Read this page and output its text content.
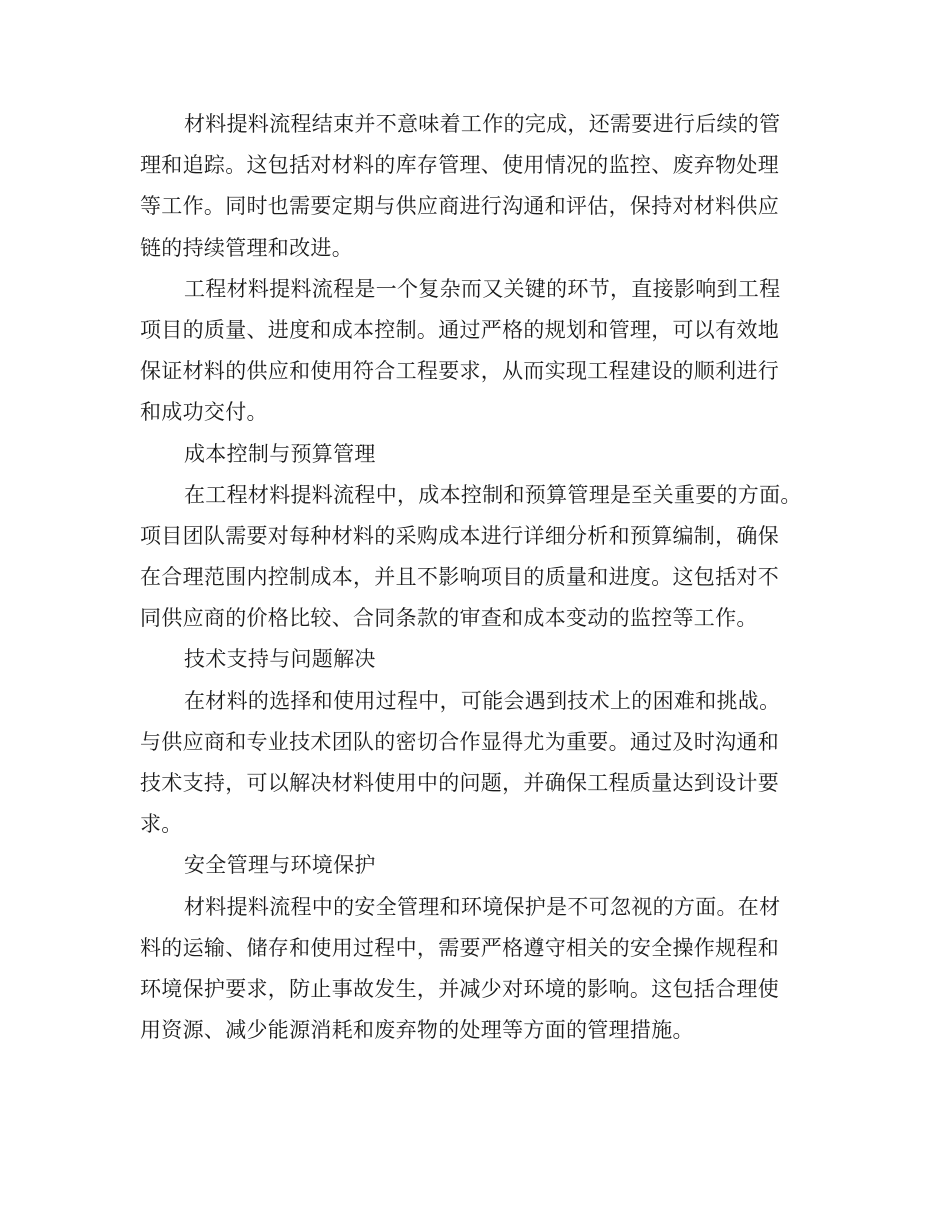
材料提料流程结束并不意味着工作的完成，还需要进行后续的管
理和追踪。这包括对材料的库存管理、使用情况的监控、废弃物处理
等工作。同时也需要定期与供应商进行沟通和评估，保持对材料供应
链的持续管理和改进。
工程材料提料流程是一个复杂而又关键的环节，直接影响到工程
项目的质量、进度和成本控制。通过严格的规划和管理，可以有效地
保证材料的供应和使用符合工程要求，从而实现工程建设的顺利进行
和成功交付。
成本控制与预算管理
在工程材料提料流程中，成本控制和预算管理是至关重要的方面。
项目团队需要对每种材料的采购成本进行详细分析和预算编制，确保
在合理范围内控制成本，并且不影响项目的质量和进度。这包括对不
同供应商的价格比较、合同条款的审查和成本变动的监控等工作。
技术支持与问题解决
在材料的选择和使用过程中，可能会遇到技术上的困难和挑战。
与供应商和专业技术团队的密切合作显得尤为重要。通过及时沟通和
技术支持，可以解决材料使用中的问题，并确保工程质量达到设计要
求。
安全管理与环境保护
材料提料流程中的安全管理和环境保护是不可忽视的方面。在材
料的运输、储存和使用过程中，需要严格遵守相关的安全操作规程和
环境保护要求，防止事故发生，并减少对环境的影响。这包括合理使
用资源、减少能源消耗和废弃物的处理等方面的管理措施。
